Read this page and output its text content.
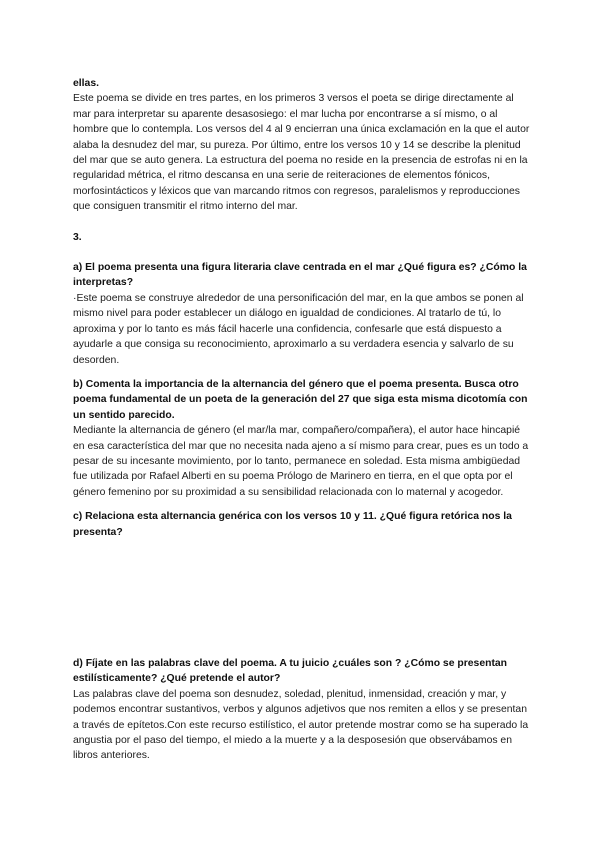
ellas.

Este poema se divide en tres partes, en los primeros 3 versos el poeta se dirige directamente al mar para interpretar su aparente desasosiego: el mar lucha por encontrarse a sí mismo, o al hombre que lo contempla. Los versos del 4 al 9 encierran una única exclamación en la que el autor alaba la desnudez del mar, su pureza. Por último, entre los versos 10 y 14 se describe la plenitud del mar que se auto genera. La estructura del poema no reside en la presencia de estrofas ni en la regularidad métrica, el ritmo descansa en una serie de reiteraciones de elementos fónicos, morfosintácticos y léxicos que van marcando ritmos con regresos, paralelismos y reproducciones que consiguen transmitir el ritmo interno del mar.

3.

a) El poema presenta una figura literaria clave centrada en el mar ¿Qué figura es? ¿Cómo la interpretas?

·Este poema se construye alrededor de una personificación del mar, en la que ambos se ponen al mismo nivel para poder establecer un diálogo en igualdad de condiciones. Al tratarlo de tú, lo aproxima y por lo tanto es más fácil hacerle una confidencia, confesarle que está dispuesto a ayudarle a que consiga su reconocimiento, aproximarlo a su verdadera esencia y salvarlo de su desorden.

b) Comenta la importancia de la alternancia del género que el poema presenta. Busca otro poema fundamental de un poeta de la generación del 27 que siga esta misma dicotomía con un sentido parecido.

Mediante la alternancia de género (el mar/la mar, compañero/compañera), el autor hace hincapié en esa característica del mar que no necesita nada ajeno a sí mismo para crear, pues es un todo a pesar de su incesante movimiento, por lo tanto, permanece en soledad. Esta misma ambigüedad fue utilizada por Rafael Alberti en su poema Prólogo de Marinero en tierra, en el que opta por el género femenino por su proximidad a su sensibilidad relacionada con lo maternal y acogedor.

c) Relaciona esta alternancia genérica con los versos 10 y 11. ¿Qué figura retórica nos la presenta?

d) Fíjate en las palabras clave del poema. A tu juicio ¿cuáles son ? ¿Cómo se presentan estilísticamente? ¿Qué pretende el autor?

Las palabras clave del poema son desnudez, soledad, plenitud, inmensidad, creación y mar, y podemos encontrar sustantivos, verbos y algunos adjetivos que nos remiten a ellos y se presentan a través de epítetos.Con este recurso estilístico, el autor pretende mostrar como se ha superado la angustia por el paso del tiempo, el miedo a la muerte y a la desposesión que observábamos en libros anteriores.
